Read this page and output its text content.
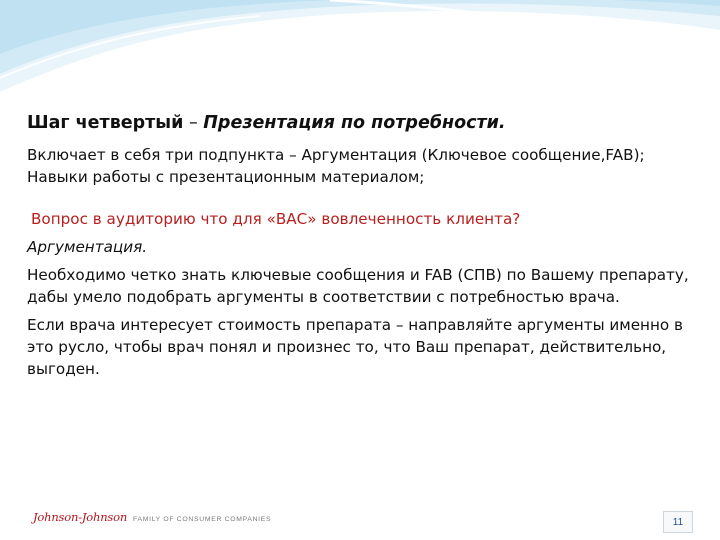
Шаг четвертый – Презентация по потребности.
Включает в себя три подпункта – Аргументация (Ключевое сообщение,FAB); Навыки работы с презентационным материалом;
Вопрос в аудиторию что для «ВАС» вовлеченность клиента?
Аргументация.
Необходимо четко знать ключевые сообщения и FAB (СПВ) по Вашему препарату, дабы умело подобрать аргументы в соответствии с потребностью врача.
Если врача интересует стоимость препарата – направляйте аргументы именно в это русло, чтобы врач понял и произнес то, что Ваш препарат, действительно, выгоден.
Johnson-Johnson FAMILY OF CONSUMER COMPANIES	11
